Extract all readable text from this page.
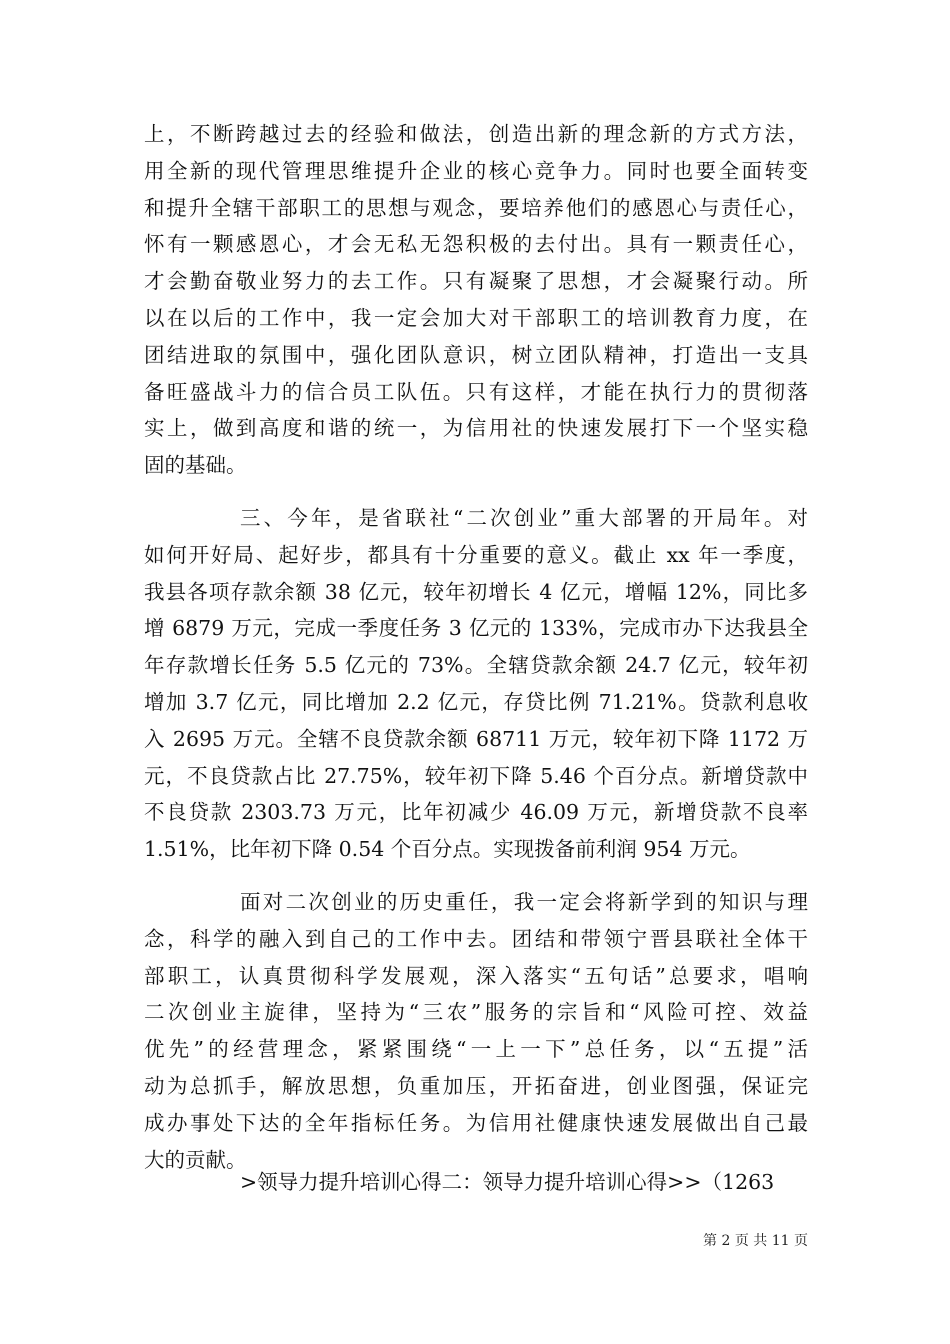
上，不断跨越过去的经验和做法，创造出新的理念新的方式方法，
用全新的现代管理思维提升企业的核心竞争力。同时也要全面转变
和提升全辖干部职工的思想与观念，要培养他们的感恩心与责任心，
怀有一颗感恩心，才会无私无怨积极的去付出。具有一颗责任心，
才会勤奋敬业努力的去工作。只有凝聚了思想，才会凝聚行动。所
以在以后的工作中，我一定会加大对干部职工的培训教育力度，在
团结进取的氛围中，强化团队意识，树立团队精神，打造出一支具
备旺盛战斗力的信合员工队伍。只有这样，才能在执行力的贯彻落
实上，做到高度和谐的统一，为信用社的快速发展打下一个坚实稳
固的基础。
三、今年，是省联社“二次创业”重大部署的开局年。对
如何开好局、起好步，都具有十分重要的意义。截止 xx 年一季度，
我县各项存款余额 38 亿元，较年初增长 4 亿元，增幅 12%，同比多
增 6879 万元，完成一季度任务 3 亿元的 133%，完成市办下达我县全
年存款增长任务 5.5 亿元的 73%。全辖贷款余额 24.7 亿元，较年初
增加 3.7 亿元，同比增加 2.2 亿元，存贷比例 71.21%。贷款利息收
入 2695 万元。全辖不良贷款余额 68711 万元，较年初下降 1172 万
元，不良贷款占比 27.75%，较年初下降 5.46 个百分点。新增贷款中
不良贷款 2303.73 万元，比年初减少 46.09 万元，新增贷款不良率
1.51%，比年初下降 0.54 个百分点。实现拨备前利润 954 万元。
面对二次创业的历史重任，我一定会将新学到的知识与理
念，科学的融入到自己的工作中去。团结和带领宁晋县联社全体干
部职工，认真贯彻科学发展观，深入落实“五句话”总要求，唱响
二次创业主旋律，坚持为“三农”服务的宗旨和“风险可控、效益
优先”的经营理念，紧紧围绕“一上一下”总任务，以“五提”活
动为总抓手，解放思想，负重加压，开拓奋进，创业图强，保证完
成办事处下达的全年指标任务。为信用社健康快速发展做出自己最
大的贡献。
>领导力提升培训心得二：领导力提升培训心得>>（1263
第 2 页 共 11 页
